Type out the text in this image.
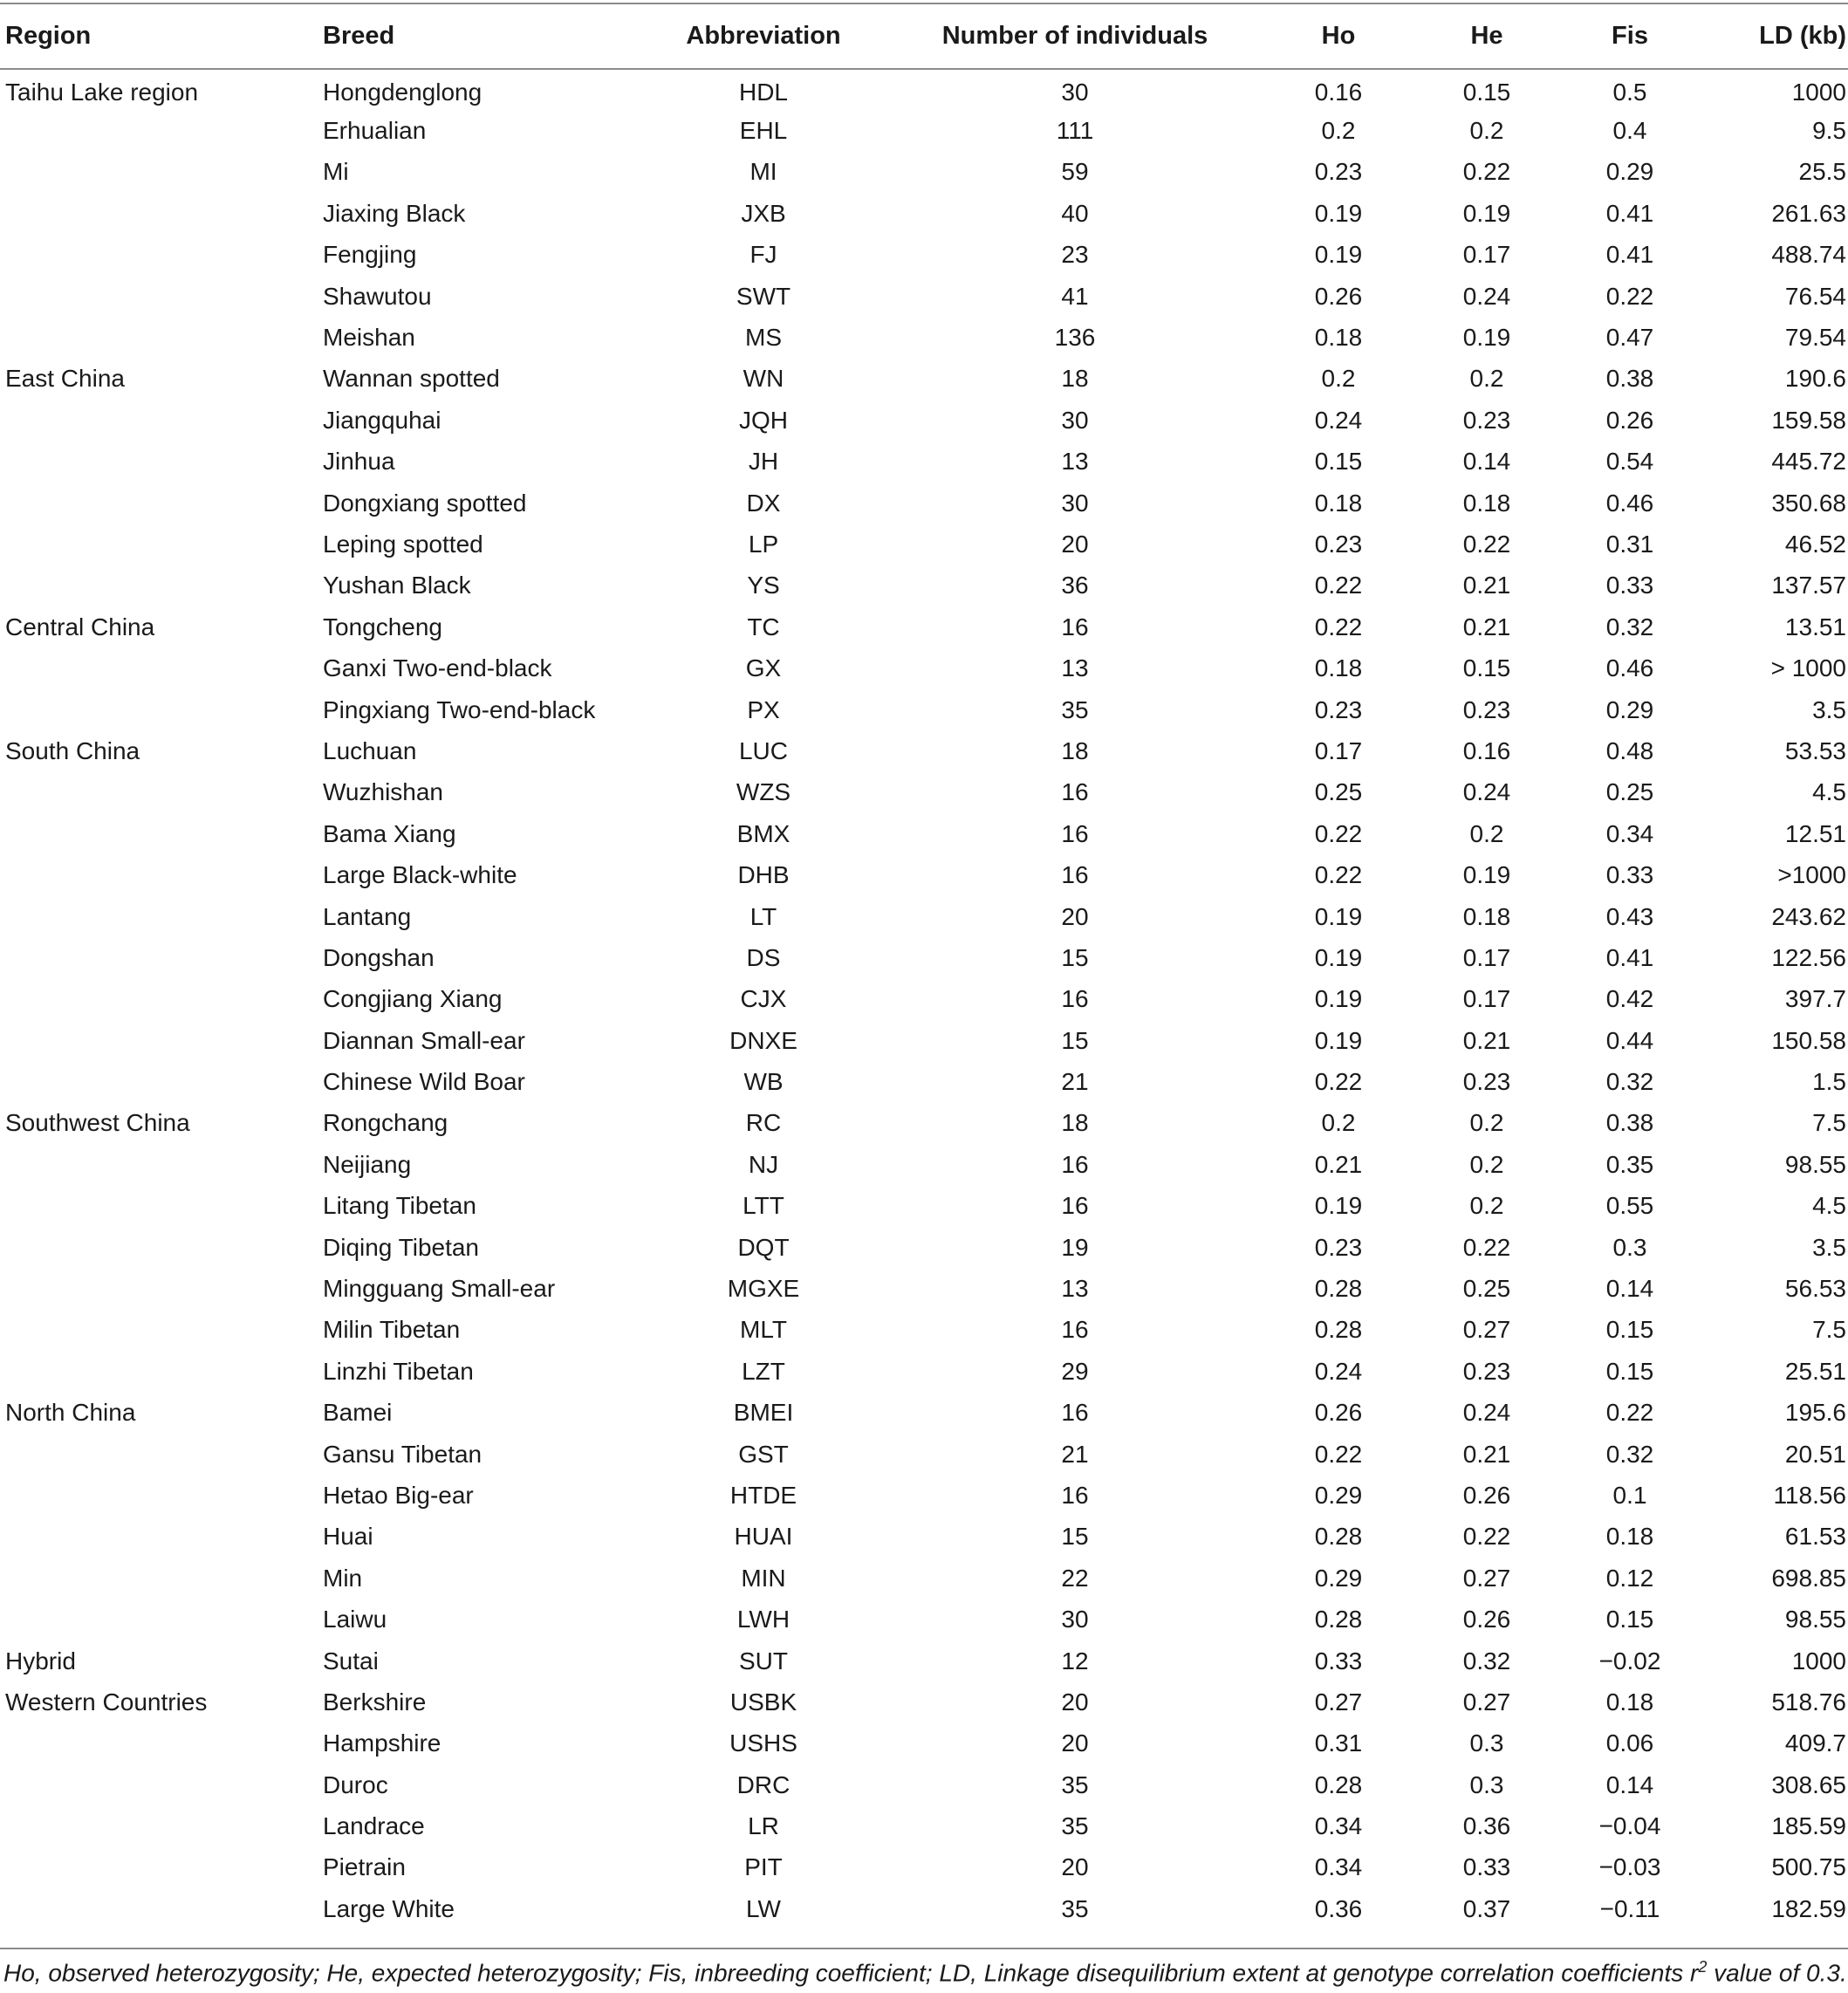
Region	Breed	Abbreviation	Number of individuals	Ho	He	Fis	LD (kb)
Taihu Lake region	Hongdenglong	HDL	30	0.16	0.15	0.5	1000
	Erhualian	EHL	111	0.2	0.2	0.4	9.5
	Mi	MI	59	0.23	0.22	0.29	25.5
	Jiaxing Black	JXB	40	0.19	0.19	0.41	261.63
	Fengjing	FJ	23	0.19	0.17	0.41	488.74
	Shawutou	SWT	41	0.26	0.24	0.22	76.54
	Meishan	MS	136	0.18	0.19	0.47	79.54
East China	Wannan spotted	WN	18	0.2	0.2	0.38	190.6
	Jiangquhai	JQH	30	0.24	0.23	0.26	159.58
	Jinhua	JH	13	0.15	0.14	0.54	445.72
	Dongxiang spotted	DX	30	0.18	0.18	0.46	350.68
	Leping spotted	LP	20	0.23	0.22	0.31	46.52
	Yushan Black	YS	36	0.22	0.21	0.33	137.57
Central China	Tongcheng	TC	16	0.22	0.21	0.32	13.51
	Ganxi Two-end-black	GX	13	0.18	0.15	0.46	> 1000
	Pingxiang Two-end-black	PX	35	0.23	0.23	0.29	3.5
South China	Luchuan	LUC	18	0.17	0.16	0.48	53.53
	Wuzhishan	WZS	16	0.25	0.24	0.25	4.5
	Bama Xiang	BMX	16	0.22	0.2	0.34	12.51
	Large Black-white	DHB	16	0.22	0.19	0.33	>1000
	Lantang	LT	20	0.19	0.18	0.43	243.62
	Dongshan	DS	15	0.19	0.17	0.41	122.56
	Congjiang Xiang	CJX	16	0.19	0.17	0.42	397.7
	Diannan Small-ear	DNXE	15	0.19	0.21	0.44	150.58
	Chinese Wild Boar	WB	21	0.22	0.23	0.32	1.5
Southwest China	Rongchang	RC	18	0.2	0.2	0.38	7.5
	Neijiang	NJ	16	0.21	0.2	0.35	98.55
	Litang Tibetan	LTT	16	0.19	0.2	0.55	4.5
	Diqing Tibetan	DQT	19	0.23	0.22	0.3	3.5
	Mingguang Small-ear	MGXE	13	0.28	0.25	0.14	56.53
	Milin Tibetan	MLT	16	0.28	0.27	0.15	7.5
	Linzhi Tibetan	LZT	29	0.24	0.23	0.15	25.51
North China	Bamei	BMEI	16	0.26	0.24	0.22	195.6
	Gansu Tibetan	GST	21	0.22	0.21	0.32	20.51
	Hetao Big-ear	HTDE	16	0.29	0.26	0.1	118.56
	Huai	HUAI	15	0.28	0.22	0.18	61.53
	Min	MIN	22	0.29	0.27	0.12	698.85
	Laiwu	LWH	30	0.28	0.26	0.15	98.55
Hybrid	Sutai	SUT	12	0.33	0.32	−0.02	1000
Western Countries	Berkshire	USBK	20	0.27	0.27	0.18	518.76
	Hampshire	USHS	20	0.31	0.3	0.06	409.7
	Duroc	DRC	35	0.28	0.3	0.14	308.65
	Landrace	LR	35	0.34	0.36	−0.04	185.59
	Pietrain	PIT	20	0.34	0.33	−0.03	500.75
	Large White	LW	35	0.36	0.37	−0.11	182.59
Ho, observed heterozygosity; He, expected heterozygosity; Fis, inbreeding coefficient; LD, Linkage disequilibrium extent at genotype correlation coefficients $r^2$ value of 0.3.
